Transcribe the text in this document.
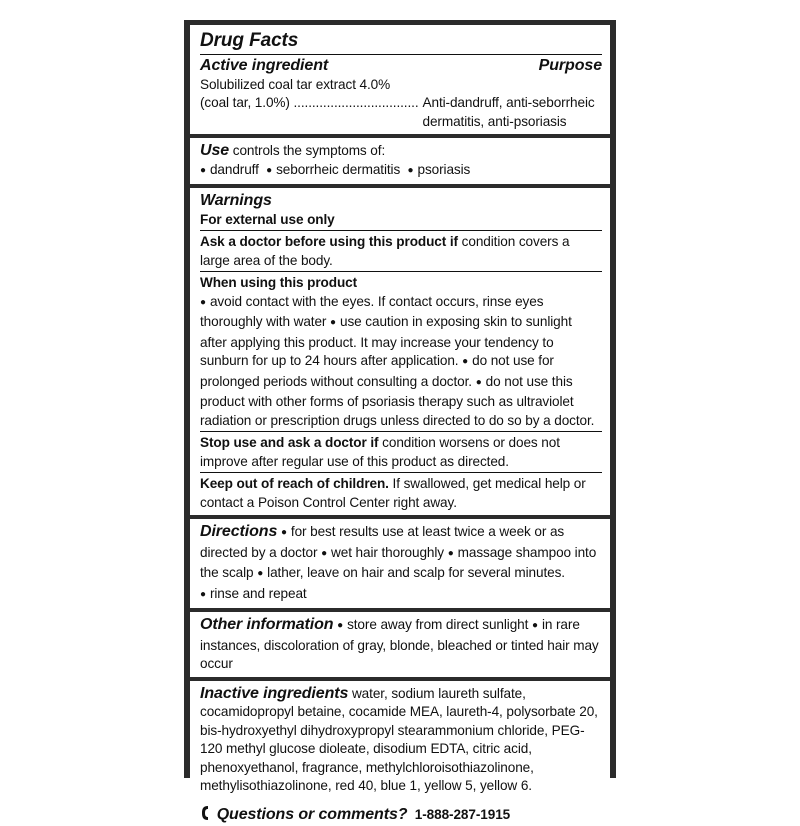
Drug Facts
Active ingredient	Purpose
Solubilized coal tar extract 4.0%
(coal tar, 1.0%) .................................. Anti-dandruff, anti-seborrheic
dermatitis, anti-psoriasis
Use controls the symptoms of:
● dandruff ● seborrheic dermatitis ● psoriasis
Warnings
For external use only
Ask a doctor before using this product if condition covers a large area of the body.
When using this product
● avoid contact with the eyes. If contact occurs, rinse eyes thoroughly with water ● use caution in exposing skin to sunlight after applying this product. It may increase your tendency to sunburn for up to 24 hours after application. ● do not use for prolonged periods without consulting a doctor. ● do not use this product with other forms of psoriasis therapy such as ultraviolet radiation or prescription drugs unless directed to do so by a doctor.
Stop use and ask a doctor if condition worsens or does not improve after regular use of this product as directed.
Keep out of reach of children. If swallowed, get medical help or contact a Poison Control Center right away.
Directions ● for best results use at least twice a week or as directed by a doctor ● wet hair thoroughly ● massage shampoo into the scalp ● lather, leave on hair and scalp for several minutes. ● rinse and repeat
Other information ● store away from direct sunlight ● in rare instances, discoloration of gray, blonde, bleached or tinted hair may occur
Inactive ingredients water, sodium laureth sulfate, cocamidopropyl betaine, cocamide MEA, laureth-4, polysorbate 20, bis-hydroxyethyl dihydroxypropyl stearammonium chloride, PEG-120 methyl glucose dioleate, disodium EDTA, citric acid, phenoxyethanol, fragrance, methylchloroisothiazolinone, methylisothiazolinone, red 40, blue 1, yellow 5, yellow 6.
Questions or comments? 1-888-287-1915
